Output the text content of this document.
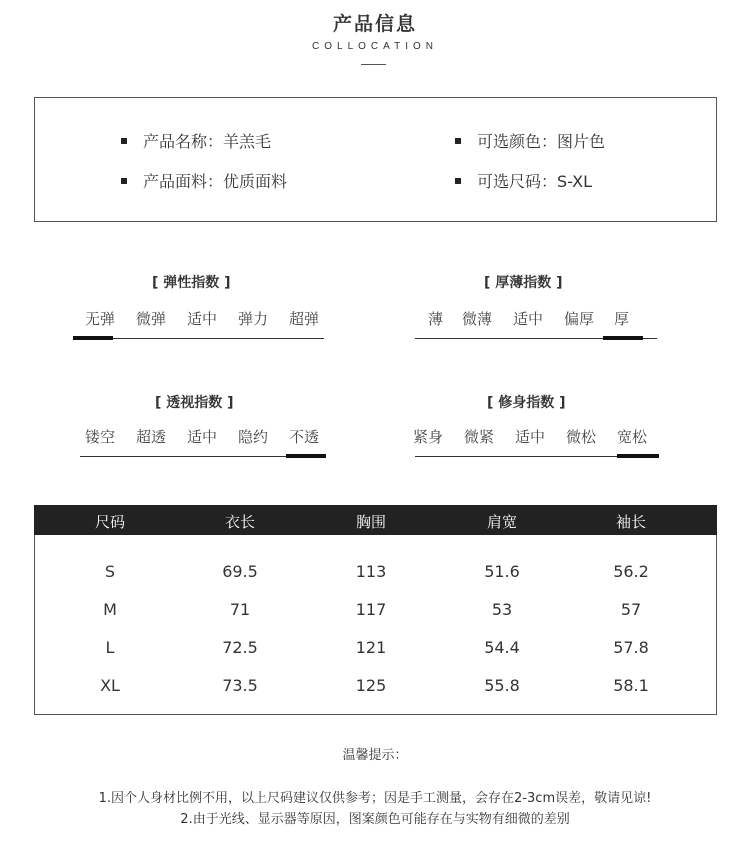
产品信息
COLLOCATION
产品名称：羊羔毛	可选颜色：图片色
产品面料：优质面料	可选尺码：S-XL
[ 弹性指数 ]
无弹 微弹 适中 弹力 超弹
[ 厚薄指数 ]
薄 微薄 适中 偏厚 厚
[ 透视指数 ]
镂空 超透 适中 隐约 不透
[ 修身指数 ]
紧身 微紧 适中 微松 宽松
尺码	衣长	胸围	肩宽	袖长
S	69.5	113	51.6	56.2
M	71	117	53	57
L	72.5	121	54.4	57.8
XL	73.5	125	55.8	58.1
温馨提示：
1.因个人身材比例不用，以上尺码建议仅供参考；因是手工测量，会存在2-3cm误差，敬请见谅!
2.由于光线、显示器等原因，图案颜色可能存在与实物有细微的差别
